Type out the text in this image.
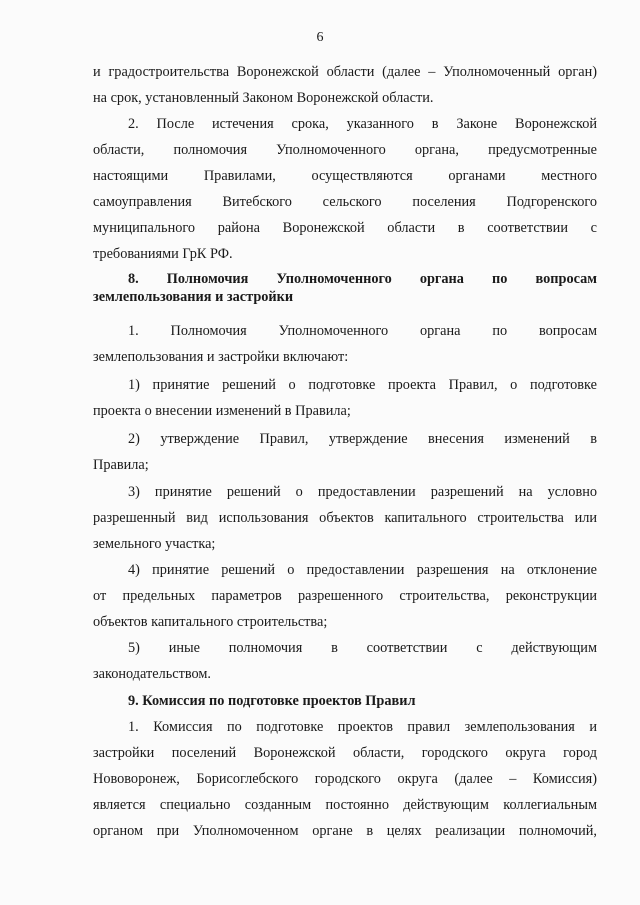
6
и градостроительства Воронежской области (далее – Уполномоченный орган)
на срок, установленный Законом Воронежской области.
2. После истечения срока, указанного в Законе Воронежской
области, полномочия Уполномоченного органа, предусмотренные
настоящими Правилами, осуществляются органами местного
самоуправления Витебского сельского поселения Подгоренского
муниципального района Воронежской области в соответствии с
требованиями ГрК РФ.
8. Полномочия Уполномоченного органа по вопросам
землепользования и застройки
1. Полномочия Уполномоченного органа по вопросам
землепользования и застройки включают:
1) принятие решений о подготовке проекта Правил, о подготовке
проекта о внесении изменений в Правила;
2) утверждение Правил, утверждение внесения изменений в
Правила;
3) принятие решений о предоставлении разрешений на условно
разрешенный вид использования объектов капитального строительства или
земельного участка;
4) принятие решений о предоставлении разрешения на отклонение
от предельных параметров разрешенного строительства, реконструкции
объектов капитального строительства;
5) иные полномочия в соответствии с действующим
законодательством.
9. Комиссия по подготовке проектов Правил
1. Комиссия по подготовке проектов правил землепользования и
застройки поселений Воронежской области, городского округа город
Нововоронеж, Борисоглебского городского округа (далее – Комиссия)
является специально созданным постоянно действующим коллегиальным
органом при Уполномоченном органе в целях реализации полномочий,
